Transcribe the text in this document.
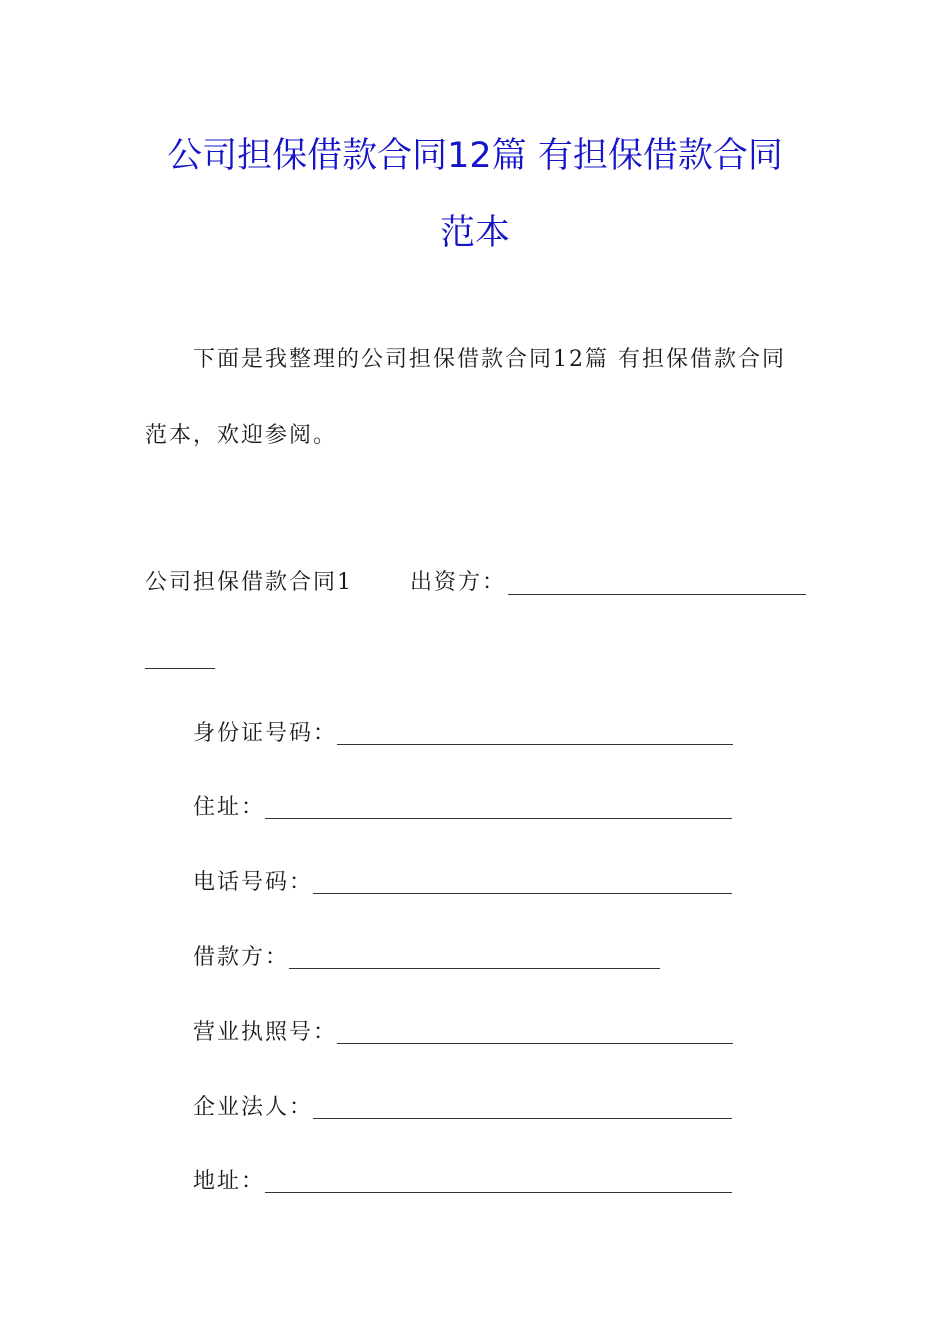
公司担保借款合同12篇 有担保借款合同
范本
下面是我整理的公司担保借款合同12篇 有担保借款合同
范本，欢迎参阅。
公司担保借款合同1	出资方：
身份证号码：
住址：
电话号码：
借款方：
营业执照号：
企业法人：
地址：
